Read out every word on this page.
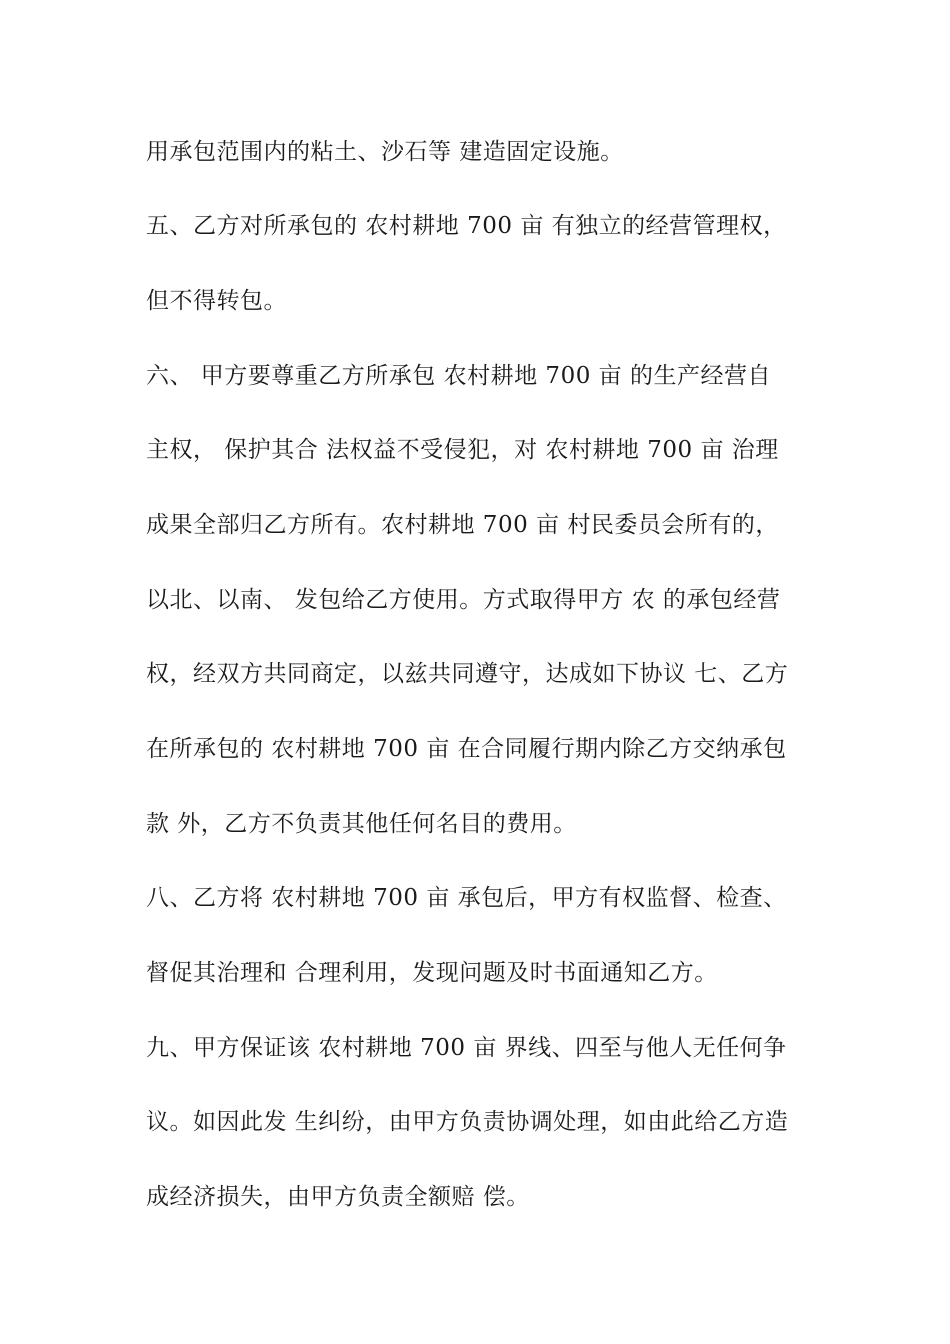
用承包范围内的粘土、沙石等 建造固定设施。
五、乙方对所承包的 农村耕地 700 亩 有独立的经营管理权，
但不得转包。
六、 甲方要尊重乙方所承包 农村耕地 700 亩 的生产经营自
主权， 保护其合 法权益不受侵犯，对 农村耕地 700 亩 治理
成果全部归乙方所有。农村耕地 700 亩 村民委员会所有的，
以北、以南、 发包给乙方使用。方式取得甲方 农 的承包经营
权，经双方共同商定，以兹共同遵守，达成如下协议 七、乙方
在所承包的 农村耕地 700 亩 在合同履行期内除乙方交纳承包
款 外，乙方不负责其他任何名目的费用。
八、乙方将 农村耕地 700 亩 承包后，甲方有权监督、检查、
督促其治理和 合理利用，发现问题及时书面通知乙方。
九、甲方保证该 农村耕地 700 亩 界线、四至与他人无任何争
议。如因此发 生纠纷，由甲方负责协调处理，如由此给乙方造
成经济损失，由甲方负责全额赔 偿。
